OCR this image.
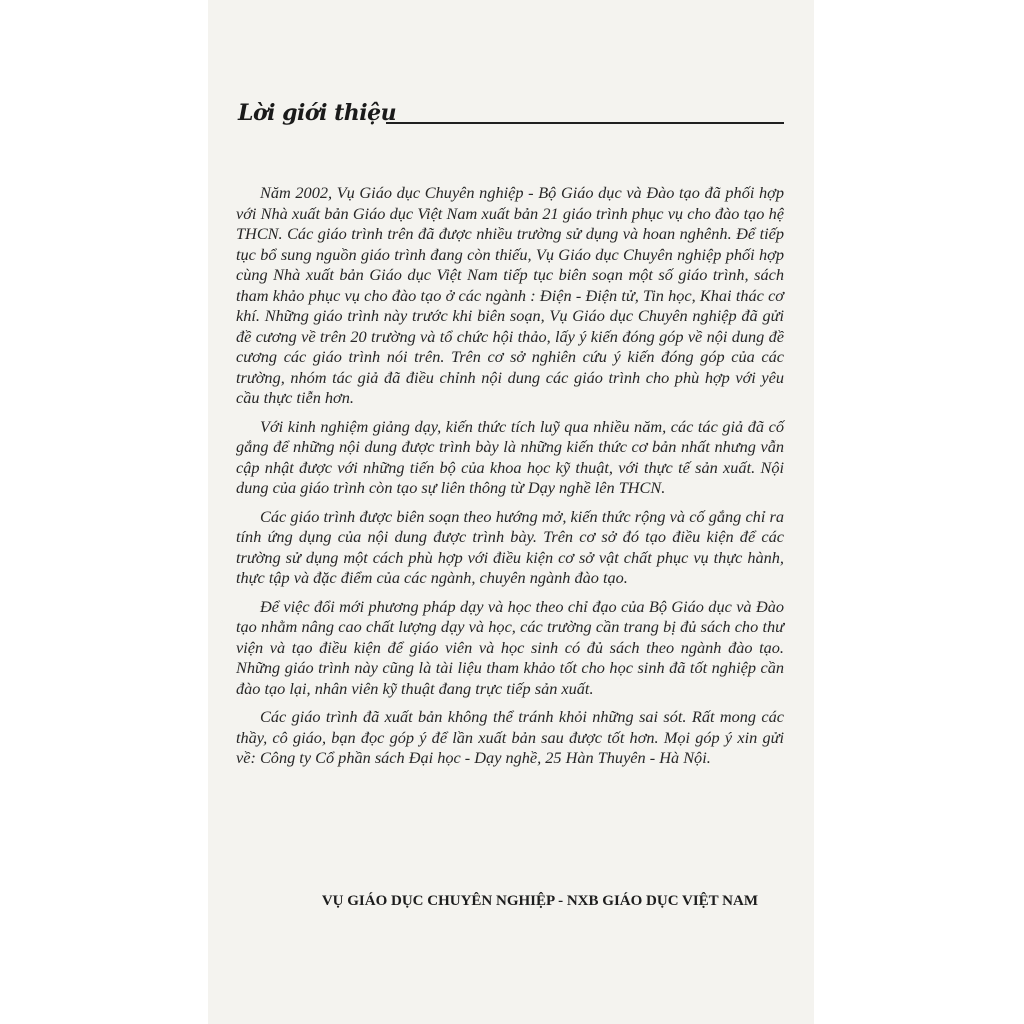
Lời giới thiệu

Năm 2002, Vụ Giáo dục Chuyên nghiệp - Bộ Giáo dục và Đào tạo đã phối hợp với Nhà xuất bản Giáo dục Việt Nam xuất bản 21 giáo trình phục vụ cho đào tạo hệ THCN. Các giáo trình trên đã được nhiều trường sử dụng và hoan nghênh. Để tiếp tục bổ sung nguồn giáo trình đang còn thiếu, Vụ Giáo dục Chuyên nghiệp phối hợp cùng Nhà xuất bản Giáo dục Việt Nam tiếp tục biên soạn một số giáo trình, sách tham khảo phục vụ cho đào tạo ở các ngành : Điện - Điện tử, Tin học, Khai thác cơ khí. Những giáo trình này trước khi biên soạn, Vụ Giáo dục Chuyên nghiệp đã gửi đề cương về trên 20 trường và tổ chức hội thảo, lấy ý kiến đóng góp về nội dung đề cương các giáo trình nói trên. Trên cơ sở nghiên cứu ý kiến đóng góp của các trường, nhóm tác giả đã điều chỉnh nội dung các giáo trình cho phù hợp với yêu cầu thực tiễn hơn.

Với kinh nghiệm giảng dạy, kiến thức tích luỹ qua nhiều năm, các tác giả đã cố gắng để những nội dung được trình bày là những kiến thức cơ bản nhất nhưng vẫn cập nhật được với những tiến bộ của khoa học kỹ thuật, với thực tế sản xuất. Nội dung của giáo trình còn tạo sự liên thông từ Dạy nghề lên THCN.

Các giáo trình được biên soạn theo hướng mở, kiến thức rộng và cố gắng chỉ ra tính ứng dụng của nội dung được trình bày. Trên cơ sở đó tạo điều kiện để các trường sử dụng một cách phù hợp với điều kiện cơ sở vật chất phục vụ thực hành, thực tập và đặc điểm của các ngành, chuyên ngành đào tạo.

Để việc đổi mới phương pháp dạy và học theo chỉ đạo của Bộ Giáo dục và Đào tạo nhằm nâng cao chất lượng dạy và học, các trường cần trang bị đủ sách cho thư viện và tạo điều kiện để giáo viên và học sinh có đủ sách theo ngành đào tạo. Những giáo trình này cũng là tài liệu tham khảo tốt cho học sinh đã tốt nghiệp cần đào tạo lại, nhân viên kỹ thuật đang trực tiếp sản xuất.

Các giáo trình đã xuất bản không thể tránh khỏi những sai sót. Rất mong các thầy, cô giáo, bạn đọc góp ý để lần xuất bản sau được tốt hơn. Mọi góp ý xin gửi về: Công ty Cổ phần sách Đại học - Dạy nghề, 25 Hàn Thuyên - Hà Nội.

VỤ GIÁO DỤC CHUYÊN NGHIỆP - NXB GIÁO DỤC VIỆT NAM
